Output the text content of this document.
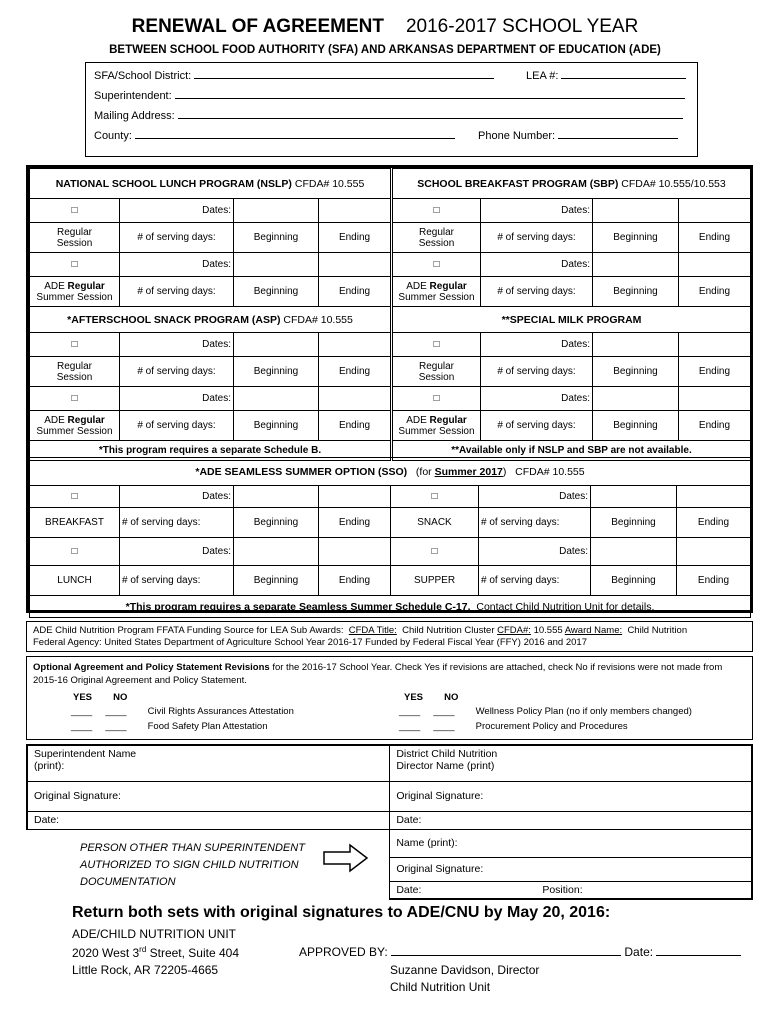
RENEWAL OF AGREEMENT 2016-2017 SCHOOL YEAR
BETWEEN SCHOOL FOOD AUTHORITY (SFA) AND ARKANSAS DEPARTMENT OF EDUCATION (ADE)
SFA/School District:	LEA #:
Superintendent:
Mailing Address:
County:	Phone Number:
NATIONAL SCHOOL LUNCH PROGRAM (NSLP) CFDA# 10.555			
□	Dates:		
Regular
Session	# of serving days:	Beginning	Ending
□	Dates:		
ADE Regular
Summer Session	# of serving days:	Beginning	Ending
*AFTERSCHOOL SNACK PROGRAM (ASP) CFDA# 10.555			
□	Dates:		
Regular
Session	# of serving days:	Beginning	Ending
□	Dates:		
ADE Regular
Summer Session	# of serving days:	Beginning	Ending
*This program requires a separate Schedule B.			
SCHOOL BREAKFAST PROGRAM (SBP) CFDA# 10.555/10.553			
□	Dates:		
Regular
Session	# of serving days:	Beginning	Ending
□	Dates:		
ADE Regular
Summer Session	# of serving days:	Beginning	Ending
**SPECIAL MILK PROGRAM			
□	Dates:		
Regular
Session	# of serving days:	Beginning	Ending
□	Dates:		
ADE Regular
Summer Session	# of serving days:	Beginning	Ending
**Available only if NSLP and SBP are not available.			
*ADE SEAMLESS SUMMER OPTION (SSO) (for Summer 2017) CFDA# 10.555							
□	Dates:			□	Dates:		
BREAKFAST	# of serving days:	Beginning	Ending	SNACK	# of serving days:	Beginning	Ending
□	Dates:			□	Dates:		
LUNCH	# of serving days:	Beginning	Ending	SUPPER	# of serving days:	Beginning	Ending
*This program requires a separate Seamless Summer Schedule C-17. Contact Child Nutrition Unit for details.							
ADE Child Nutrition Program FFATA Funding Source for LEA Sub Awards: CFDA Title: Child Nutrition Cluster CFDA#: 10.555 Award Name: Child Nutrition
Federal Agency: United States Department of Agriculture School Year 2016-17 Funded by Federal Fiscal Year (FFY) 2016 and 2017
Optional Agreement and Policy Statement Revisions for the 2016-17 School Year. Check Yes if revisions are attached, check No if revisions were not made from 2015-16 Original Agreement and Policy Statement.
YES NO	YES NO
____ ____ Civil Rights Assurances Attestation
____ ____ Food Safety Plan Attestation
____ ____ Wellness Policy Plan (no if only members changed)
____ ____ Procurement Policy and Procedures
Superintendent Name
(print):	District Child Nutrition
Director Name (print)
Original Signature:	Original Signature:
Date:	Date:
	Name (print):
	Original Signature:
	Date: Position:
PERSON OTHER THAN SUPERINTENDENT
AUTHORIZED TO SIGN CHILD NUTRITION
DOCUMENTATION
Return both sets with original signatures to ADE/CNU by May 20, 2016:
ADE/CHILD NUTRITION UNIT
2020 West 3rd Street, Suite 404
Little Rock, AR 72205-4665
APPROVED BY:	Date:
Suzanne Davidson, Director
Child Nutrition Unit
